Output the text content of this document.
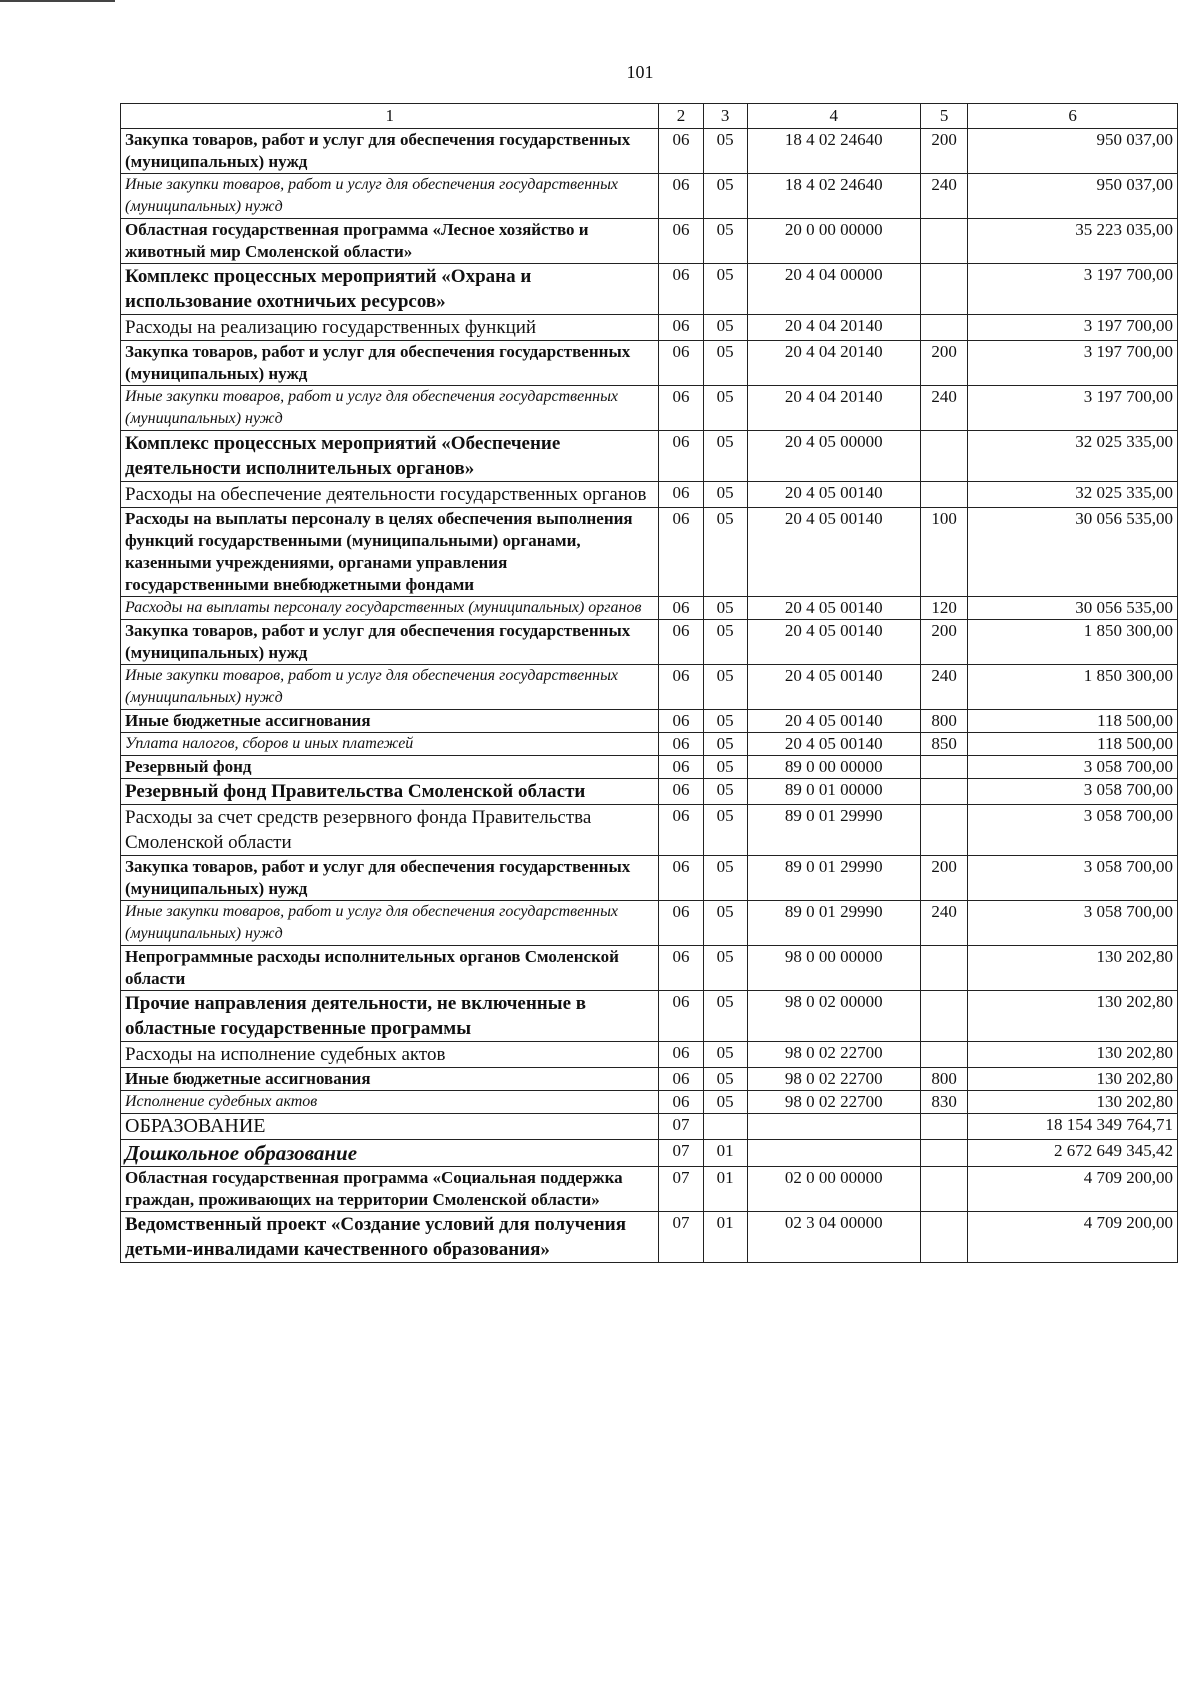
101
1	2	3	4	5	6
Закупка товаров, работ и услуг для обеспечения государственных (муниципальных) нужд	06	05	18 4 02 24640	200	950 037,00
Иные закупки товаров, работ и услуг для обеспечения государственных (муниципальных) нужд	06	05	18 4 02 24640	240	950 037,00
Областная государственная программа «Лесное хозяйство и животный мир Смоленской области»	06	05	20 0 00 00000		35 223 035,00
Комплекс процессных мероприятий «Охрана и использование охотничьих ресурсов»	06	05	20 4 04 00000		3 197 700,00
Расходы на реализацию государственных функций	06	05	20 4 04 20140		3 197 700,00
Закупка товаров, работ и услуг для обеспечения государственных (муниципальных) нужд	06	05	20 4 04 20140	200	3 197 700,00
Иные закупки товаров, работ и услуг для обеспечения государственных (муниципальных) нужд	06	05	20 4 04 20140	240	3 197 700,00
Комплекс процессных мероприятий «Обеспечение деятельности исполнительных органов»	06	05	20 4 05 00000		32 025 335,00
Расходы на обеспечение деятельности государственных органов	06	05	20 4 05 00140		32 025 335,00
Расходы на выплаты персоналу в целях обеспечения выполнения функций государственными (муниципальными) органами, казенными учреждениями, органами управления государственными внебюджетными фондами	06	05	20 4 05 00140	100	30 056 535,00
Расходы на выплаты персоналу государственных (муниципальных) органов	06	05	20 4 05 00140	120	30 056 535,00
Закупка товаров, работ и услуг для обеспечения государственных (муниципальных) нужд	06	05	20 4 05 00140	200	1 850 300,00
Иные закупки товаров, работ и услуг для обеспечения государственных (муниципальных) нужд	06	05	20 4 05 00140	240	1 850 300,00
Иные бюджетные ассигнования	06	05	20 4 05 00140	800	118 500,00
Уплата налогов, сборов и иных платежей	06	05	20 4 05 00140	850	118 500,00
Резервный фонд	06	05	89 0 00 00000		3 058 700,00
Резервный фонд Правительства Смоленской области	06	05	89 0 01 00000		3 058 700,00
Расходы за счет средств резервного фонда Правительства Смоленской области	06	05	89 0 01 29990		3 058 700,00
Закупка товаров, работ и услуг для обеспечения государственных (муниципальных) нужд	06	05	89 0 01 29990	200	3 058 700,00
Иные закупки товаров, работ и услуг для обеспечения государственных (муниципальных) нужд	06	05	89 0 01 29990	240	3 058 700,00
Непрограммные расходы исполнительных органов Смоленской области	06	05	98 0 00 00000		130 202,80
Прочие направления деятельности, не включенные в областные государственные программы	06	05	98 0 02 00000		130 202,80
Расходы на исполнение судебных актов	06	05	98 0 02 22700		130 202,80
Иные бюджетные ассигнования	06	05	98 0 02 22700	800	130 202,80
Исполнение судебных актов	06	05	98 0 02 22700	830	130 202,80
ОБРАЗОВАНИЕ	07				18 154 349 764,71
Дошкольное образование	07	01			2 672 649 345,42
Областная государственная программа «Социальная поддержка граждан, проживающих на территории Смоленской области»	07	01	02 0 00 00000		4 709 200,00
Ведомственный проект «Создание условий для получения детьми-инвалидами качественного образования»	07	01	02 3 04 00000		4 709 200,00
